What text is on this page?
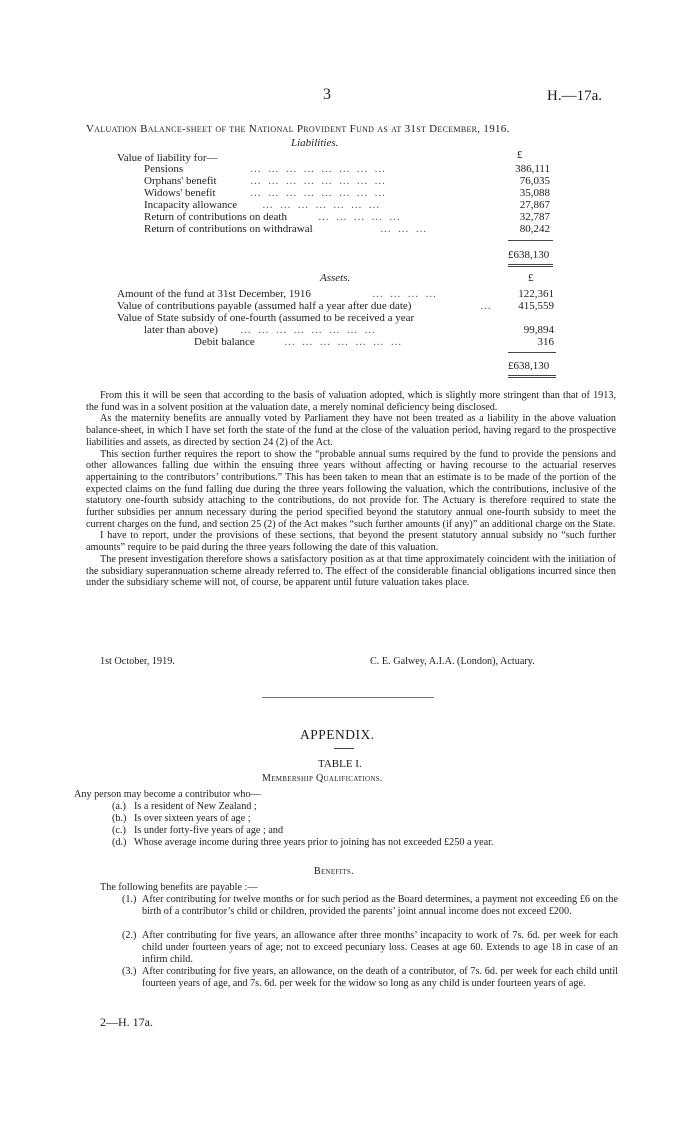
3	H.—17a.
Valuation Balance-sheet of the National Provident Fund as at 31st December, 1916.
Liabilities.
£
Value of liability for—
Pensions	… … … … … … … …	386,111
Orphans' benefit	… … … … … … … …	76,035
Widows' benefit	… … … … … … … …	35,088
Incapacity allowance … … … … … … …	27,867
Return of contributions on death	… … … … …	32,787
Return of contributions on withdrawal	… … …	80,242
£638,130
Assets.	£
Amount of the fund at 31st December, 1916	… … … …	122,361
Value of contributions payable (assumed half a year after due date)	…	415,559
Value of State subsidy of one-fourth (assumed to be received a year
later than above) … … … … … … … …	99,894
Debit balance	… … … … … … …	316
£638,130

From this it will be seen that according to the basis of valuation adopted, which is slightly more stringent than that of 1913, the fund was in a solvent position at the valuation date, a merely nominal deficiency being disclosed.

As the maternity benefits are annually voted by Parliament they have not been treated as a liability in the above valuation balance-sheet, in which I have set forth the state of the fund at the close of the valuation period, having regard to the prospective liabilities and assets, as directed by section 24 (2) of the Act.

This section further requires the report to show the “probable annual sums required by the fund to provide the pensions and other allowances falling due within the ensuing three years without affecting or having recourse to the actuarial reserves appertaining to the contributors’ contributions.” This has been taken to mean that an estimate is to be made of the portion of the expected claims on the fund falling due during the three years following the valuation, which the contributions, inclusive of the statutory one-fourth subsidy attaching to the contributions, do not provide for. The Actuary is therefore required to state the further subsidies per annum necessary during the period specified beyond the statutory annual one-fourth subsidy to meet the current charges on the fund, and section 25 (2) of the Act makes “such further amounts (if any)” an additional charge on the State.

I have to report, under the provisions of these sections, that beyond the present statutory annual subsidy no “such further amounts” require to be paid during the three years following the date of this valuation.

The present investigation therefore shows a satisfactory position as at that time approximately coincident with the initiation of the subsidiary superannuation scheme already referred to. The effect of the considerable financial obligations incurred since then under the subsidiary scheme will not, of course, be apparent until future valuation takes place.

1st October, 1919.	C. E. Galwey, A.I.A. (London), Actuary.
APPENDIX.
TABLE I.
Membership Qualifications.
Any person may become a contributor who—
(a.) Is a resident of New Zealand ;
(b.) Is over sixteen years of age ;
(c.) Is under forty-five years of age ; and
(d.) Whose average income during three years prior to joining has not exceeded £250 a year.
Benefits.
The following benefits are payable :—
(1.) After contributing for twelve months or for such period as the Board determines, a payment not exceeding £6 on the birth of a contributor’s child or children, provided the parents’ joint annual income does not exceed £200.
(2.) After contributing for five years, an allowance after three months’ incapacity to work of 7s. 6d. per week for each child under fourteen years of age; not to exceed pecuniary loss. Ceases at age 60. Extends to age 18 in case of an infirm child.
(3.) After contributing for five years, an allowance, on the death of a contributor, of 7s. 6d. per week for each child until fourteen years of age, and 7s. 6d. per week for the widow so long as any child is under fourteen years of age.
2—H. 17a.
